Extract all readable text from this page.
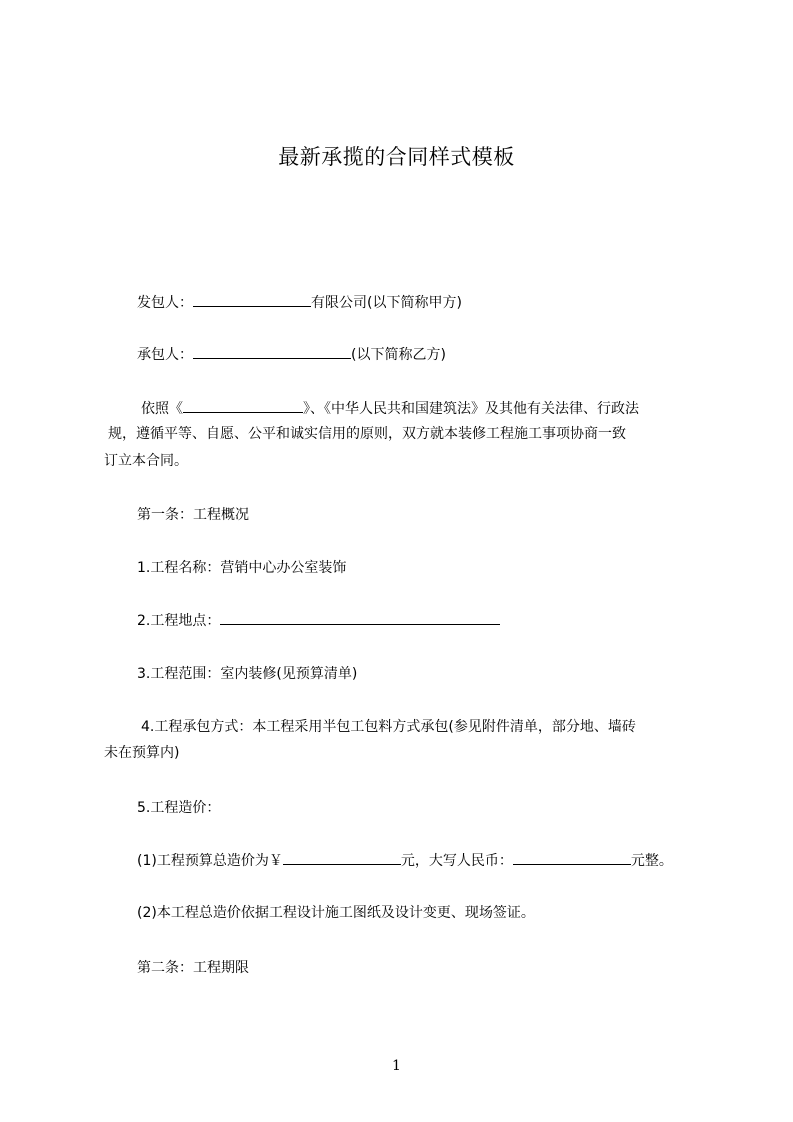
最新承揽的合同样式模板
发包人：	有限公司(以下简称甲方)
承包人：	(以下简称乙方)
依照《	》、《中华人民共和国建筑法》及其他有关法律、行政法
规，遵循平等、自愿、公平和诚实信用的原则，双方就本装修工程施工事项协商一致
订立本合同。
第一条：工程概况
1.工程名称：营销中心办公室装饰
2.工程地点：
3.工程范围：室内装修(见预算清单)
4.工程承包方式：本工程采用半包工包料方式承包(参见附件清单，部分地、墙砖
未在预算内)
5.工程造价：
(1)工程预算总造价为￥	元，大写人民币：	元整。
(2)本工程总造价依据工程设计施工图纸及设计变更、现场签证。
第二条：工程期限
1
